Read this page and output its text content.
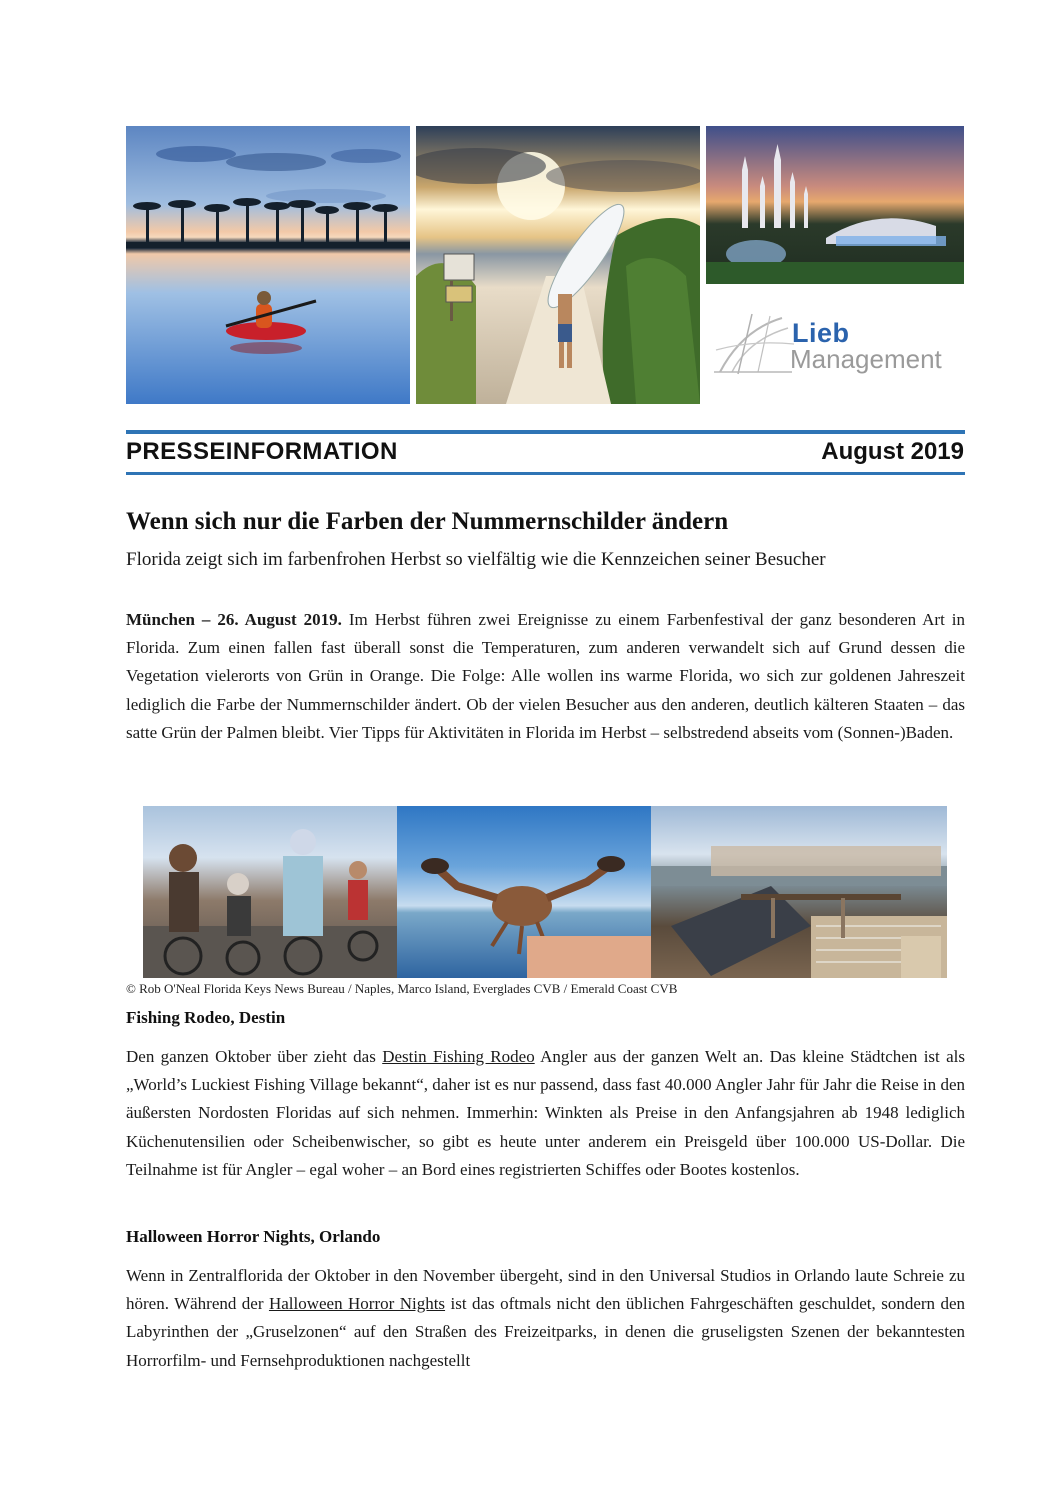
Lieb
Management
PRESSEINFORMATION	August 2019
Wenn sich nur die Farben der Nummernschilder ändern

Florida zeigt sich im farbenfrohen Herbst so vielfältig wie die Kennzeichen seiner Besucher

München – 26. August 2019. Im Herbst führen zwei Ereignisse zu einem Farbenfestival der ganz besonderen Art in Florida. Zum einen fallen fast überall sonst die Temperaturen, zum anderen verwandelt sich auf Grund dessen die Vegetation vielerorts von Grün in Orange. Die Folge: Alle wollen ins warme Florida, wo sich zur goldenen Jahreszeit lediglich die Farbe der Nummernschilder ändert. Ob der vielen Besucher aus den anderen, deutlich kälteren Staaten – das satte Grün der Palmen bleibt. Vier Tipps für Aktivitäten in Florida im Herbst – selbstredend abseits vom (Sonnen-)Baden.

© Rob O'Neal Florida Keys News Bureau / Naples, Marco Island, Everglades CVB / Emerald Coast CVB

Fishing Rodeo, Destin

Den ganzen Oktober über zieht das Destin Fishing Rodeo Angler aus der ganzen Welt an. Das kleine Städtchen ist als „World’s Luckiest Fishing Village bekannt“, daher ist es nur passend, dass fast 40.000 Angler Jahr für Jahr die Reise in den äußersten Nordosten Floridas auf sich nehmen. Immerhin: Winkten als Preise in den Anfangsjahren ab 1948 lediglich Küchenutensilien oder Scheibenwischer, so gibt es heute unter anderem ein Preisgeld über 100.000 US-Dollar. Die Teilnahme ist für Angler – egal woher – an Bord eines registrierten Schiffes oder Bootes kostenlos.

Halloween Horror Nights, Orlando

Wenn in Zentralflorida der Oktober in den November übergeht, sind in den Universal Studios in Orlando laute Schreie zu hören. Während der Halloween Horror Nights ist das oftmals nicht den üblichen Fahrgeschäften geschuldet, sondern den Labyrinthen der „Gruselzonen“ auf den Straßen des Freizeitparks, in denen die gruseligsten Szenen der bekanntesten Horrorfilm- und Fernsehproduktionen nachgestellt
